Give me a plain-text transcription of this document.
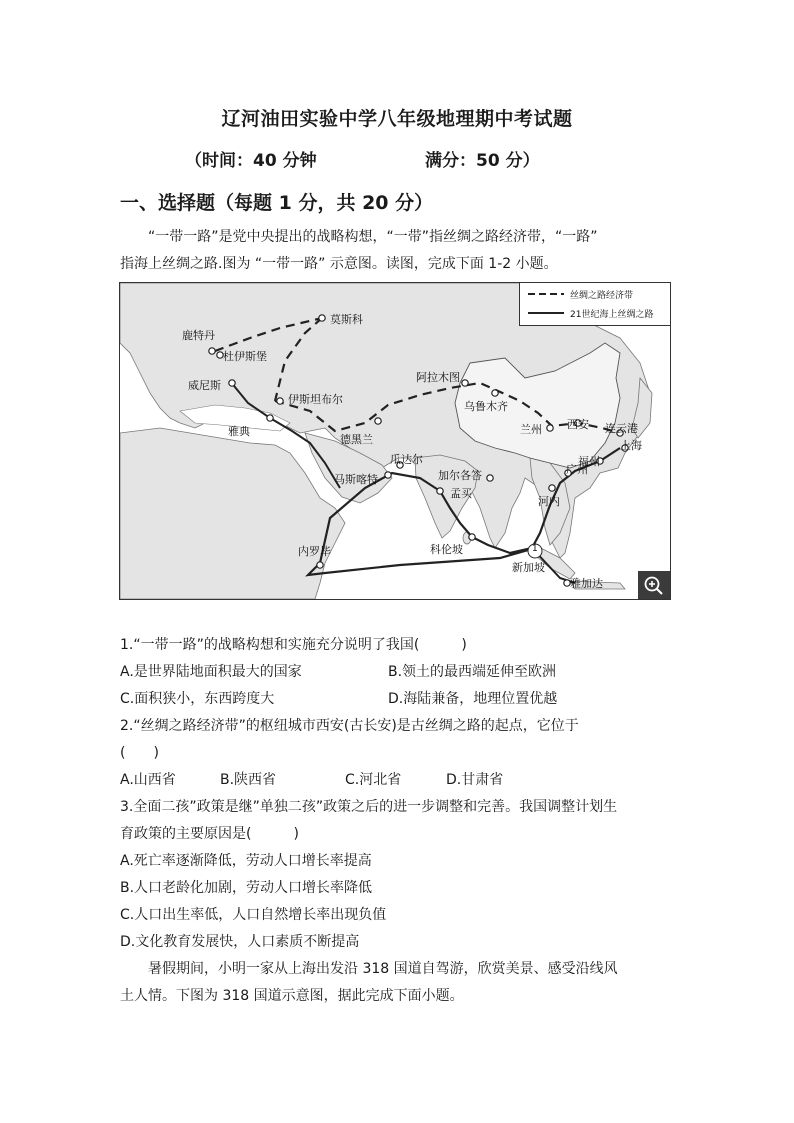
辽河油田实验中学八年级地理期中考试题
（时间：40 分钟	满分：50 分）
一、选择题（每题 1 分，共 20 分）
“一带一路”是党中央提出的战略构想，“一带”指丝绸之路经济带，“一路”
指海上丝绸之路.图为 “一带一路” 示意图。读图，完成下面 1-2 小题。
莫斯科
鹿特丹
杜伊斯堡
威尼斯
伊斯坦布尔
雅典
德黑兰
阿拉木图
乌鲁木齐
兰州 西安 连云港
上海
福州
广州
河内
瓜达尔
马斯喀特	加尔各答
孟买
科伦坡
内罗毕
新加坡
雅加达
1
丝绸之路经济带
21世纪海上丝绸之路
1.“一带一路”的战略构想和实施充分说明了我国(　　　)
A.是世界陆地面积最大的国家	B.领土的最西端延伸至欧洲
C.面积狭小，东西跨度大	D.海陆兼备，地理位置优越
2.“丝绸之路经济带”的枢纽城市西安(古长安)是古丝绸之路的起点，它位于
(　　)
A.山西省	B.陕西省	C.河北省	D.甘肃省
3.全面二孩”政策是继”单独二孩”政策之后的进一步调整和完善。我国调整计划生
育政策的主要原因是(　　　)
A.死亡率逐渐降低，劳动人口增长率提高
B.人口老龄化加剧，劳动人口增长率降低
C.人口出生率低，人口自然增长率出现负值
D.文化教育发展快，人口素质不断提高
暑假期间，小明一家从上海出发沿 318 国道自驾游，欣赏美景、感受沿线风
土人情。下图为 318 国道示意图，据此完成下面小题。
